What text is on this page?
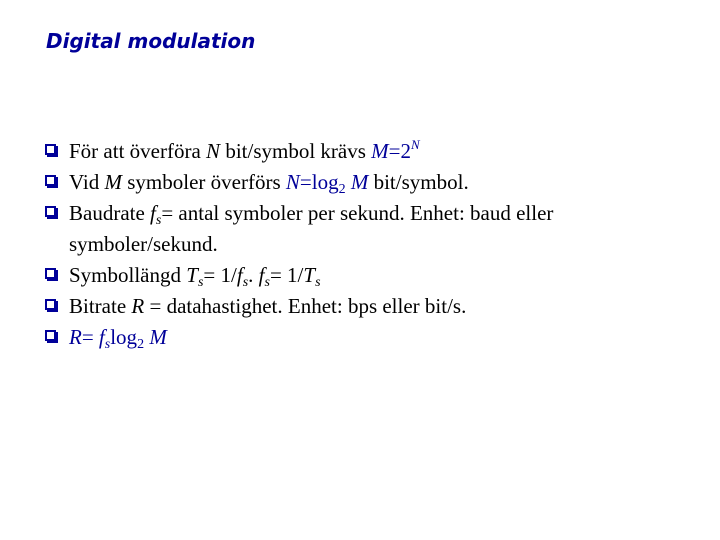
Digital modulation
För att överföra N bit/symbol krävs $M=2^N$
Vid M symboler överförs $N=\log_2$ M bit/symbol.
Baudrate $f_s=$ antal symboler per sekund. Enhet: baud eller symboler/sekund.
Symbollängd $T_s= 1/f_s$. $f_s= 1/T_s$
Bitrate R = datahastighet. Enhet: bps eller bit/s.
$R= f_s\log_2$ M
